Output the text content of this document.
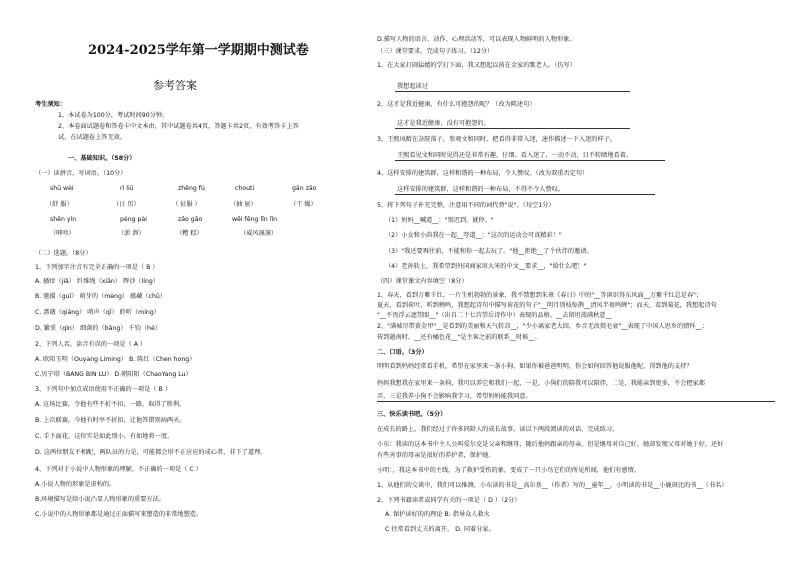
2024-2025学年第一学期期中测试卷
参考答案
考生须知：
1、本试卷为100分，考试时间90分钟。
2、本卷面试题卷和答卷卡中文本由，其中试题卷共4页，答题卡共2页，有效考答卡上答
试，在试题卷上答无效。
一、基础知识。（58分）
（一）读拼音，写词语。（10分）
shū wèi	rì liū	zhēng fú	chouti	gān zāo
（舒 服）	（日 历）	（ 征服 ）	（抽 屉）	（干 燥）
shēn yín	péng pài	zāo gāo	wēi fēng lǐn lǐn
（呻吟）	（澎 湃）	（糟 糕）	（威风凛凛）
（二）选题。（8分）
1、下列加字注音有完全正确的一项是（ B ）
A. 搔痒（jiǎ） 纤维绳（xiān） 辉沙（líng）
B. 驰援（guī） 萌芽的（mèng） 蕴藏（chū）
C. 蔷薇（qiáng） 哨声（qī） 聆听（míng）
D. 繁重（qìn） 细菌的（bǎng） 千钧（hé）
2、下列人名，读音有误的一项是（ A ）
A. 欧阳玉明（Ouyang Liming） B. 陈红（Chen hong）
C.贝宁塔（BANG BIN LU） D.朝阳阳（ChaoYang Lu）
3、下列句中加点成语使用不正确的一项是（ B ）
A. 这场比赛，令他有些不折不扣，一路，取得了胜利。
B. 上次联赛，今他有时亭不折扣，让他答错别病两天。
C. 手下面花，这位实是如此别小，有如地将一度。
D. 这两位朋友不相配，两队员的力是，可能都会形不正应应的成心者，非下了道理。
4、下列对于小说中人物形象的理解，不正确的一项是（ C ）
A.小说人物的形象是虚构的。
B.环境描写是给小说凸显人物形象的重要方法。
C.小说中的人物形象都是通过正面描写来塑造的非常地塑造。
D.描写人物的语言、动作、心理活动等，可以表现人物鲜明的人物形象。
（三）课堂要求。完成句子练习。（12分）
1、在大家打闹猛嬉的学打下面，我又想起以前在金家的歌老人。（仿写）
我想起读过
2、这才是我近健康，有什么可抱怨的呢？（改为陈述句）
这才是我近健康，没有可抱怨的。
3、王熙凤精在杂院落子，参观文和同时，把看得非常入迷，速作描述一下入迷的样子。
王熙看见文和同时见得还是非常有趣，仔细、看入迷了，一动不动，目不转睛地看着。
4、这样安排的建筑群，这样和谐的一种布局，令人赞叹。（改为双重否定句）
这样安排的建筑群，这样和谐的一种布局，不得不令人赞叹。
5、将下列句子补充完整，注意用不同的词代替"说"。（每空1分）
（1）妈妈__喊道__："别迟到，就停。"
（2）小女和小茵我在一起__夸道__："这次的运动会可真精彩！"
（3）"我还要再往前，不能和你一起去玩了。"他__拒绝__了个伙伴的邀请。
（4）老孙转上，我希望到外国商家用大米的中文__要求__，"给什么吧！"
（四）课堂课文内容填空（8分）
1、春天，看到万紫千红，一片生机勃勃的景象，我不禁想到朱熹《春日》中的"__等闲识得东风面__万紫千红总是春"；
夏天，看到荷叶，听到蝉鸣，我想起诗句中描写荷花的句子"__明月别枝惊鹊__清风半夜鸣蝉"；而天，看到菊花，我想起诗句
"__不畏浮云遮望眼__"（出自二十七首望岳诗作中）表现的品格。__去留坦荡满秋意__
2、"满城尽带黄金甲"__是看到的美丽和天气转凉__，"少小离家老大回，乡音无改鬓毛衰"__表现了中国人思乡的情怀__；
传到越南时，__还有橘色花__"是主客之前的联系__时候__。
二、口语。（3分）
明明看到妈妈经常看手机，希望在家里来一条小狗，如果你被爸爸明明，你会如何回答他说服他呢，得到他的支持？
妈妈我想我在家里来一条狗，我可以养它和我们一起，一是，小狗们的陪我可以陪伴，二是，我能亲到更多，不会把家都
弄，三是我养小狗不会影响我学习，希望妈妈能我同意。
三、快乐读书吧。（5分）
在成长的路上，我们经过于许多同龄人的成长故事，读以下两段阅读的对话，完成练习。
小东：我读的这本书中主人公叫爱尔克是父亲和继母，随后他妈跟亲的母亲，但是继母对自己好，她却发现父母对她于好，还好
有些善事的母亲是很好的养护者，保护她。
小明：，我这本书中的主线，为了救护受伤的象，变成了一只小鸟它们的所见所闻，他们有感情。
1、从他们的交谈中，我们可以推测，小东读的书是__高尔基__（作者）写的__童年__，小明读的书是__小鹿斑比的书__（书名）
2、下列书籍读者或同学有关的一项是（ D ）（2分）
A. 保护读好的的理论 B. 指导众人救火
C 往常看到丈夫的离开。 D. 同着分家。
